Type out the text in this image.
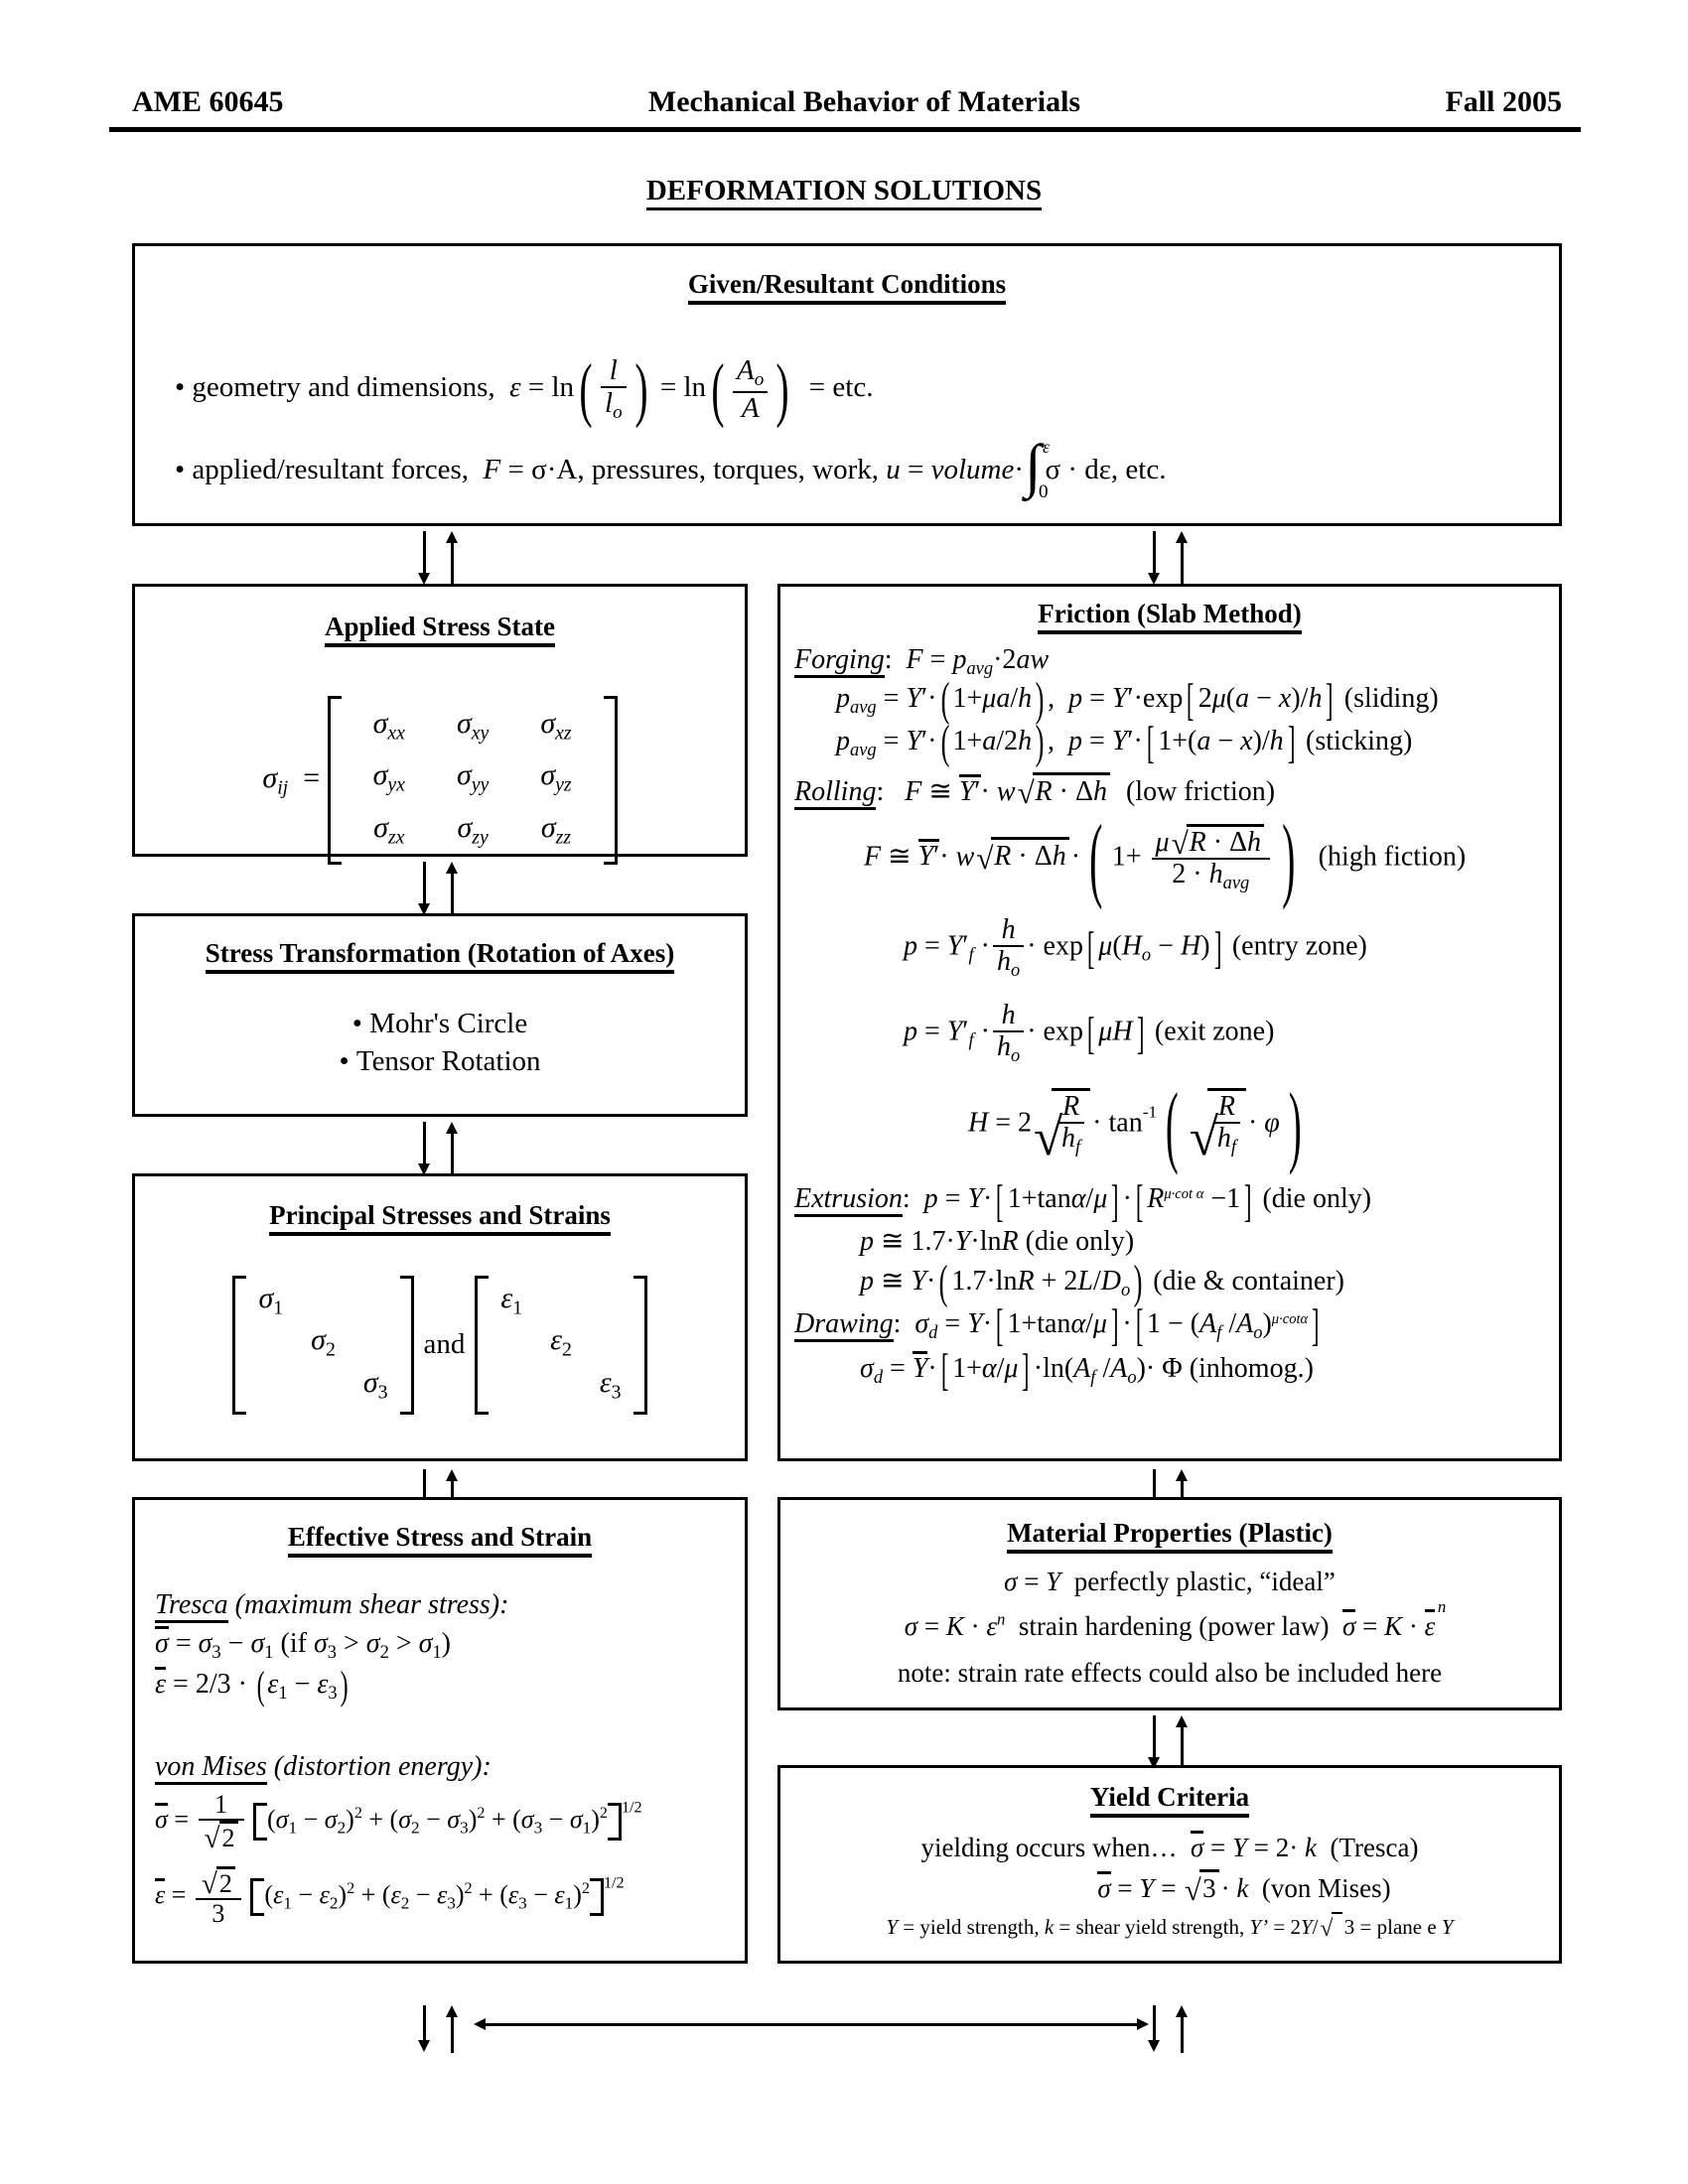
AME 60645	Mechanical Behavior of Materials	Fall 2005
DEFORMATION SOLUTIONS
Given/Resultant Conditions
• geometry and dimensions, $\varepsilon = \ln( \frac{l}{l_o}$ ) = $\ln( \frac{A_o}{A}$ ) = etc.
• applied/resultant forces, F = σ·A, pressures, torques, work, u = volume·∫ ε
0
σ · dε, etc.
Applied Stress State
$\sigma_{ij}$ =
$\sigma_{xx}$	$\sigma_{xy}$	$\sigma_{xz}$
$\sigma_{yx}$	$\sigma_{yy}$	$\sigma_{yz}$
$\sigma_{zx}$	$\sigma_{zy}$	$\sigma_{zz}$
Stress Transformation (Rotation of Axes)
• Mohr's Circle
• Tensor Rotation
Principal Stresses and Strains
$\sigma_1$		
	$\sigma_2$	
		$\sigma_3$
and
$\varepsilon_1$		
	$\varepsilon_2$	
		$\varepsilon_3$
Effective Stress and Strain
Tresca (maximum shear stress):
$\sigma = \sigma_3 - \sigma_1$ (if $\sigma_3 > \sigma_2 > \sigma_1$)
$\varepsilon = 2/3 \cdot (\varepsilon_1 - \varepsilon_3)$
von Mises (distortion energy):
$\sigma = \frac{1}{√ 2} (\sigma_1 - \sigma_2)^2 + (\sigma_2 - \sigma_3)^2 + (\sigma_3 - \sigma_1)^2$ $^{1/2}$
$\varepsilon = \frac{√ 2}{3} (\varepsilon_1 - \varepsilon_2)^2 + (\varepsilon_2 - \varepsilon_3)^2 + (\varepsilon_3 - \varepsilon_1)^2$ $^{1/2}$
Friction (Slab Method)
Forging:  $F = p_{avg}\cdot 2aw$
$p_{avg} = Y'\cdot$( 1+μa/h) ,  p = Y′·exp[ 2μ(a − x)/h] (sliding)
$p_{avg} = Y'\cdot$( 1+a/2h) ,  p = Y′·[ 1+(a − x)/h] (sticking)
Rolling:   F ≅ Y′· w √ R · Δh (low friction)
F ≅ Y′· w √ R · Δh ·( $1+ \frac{\mu √ R \cdot \Delta h}{2 \cdot h_{avg}}$ ) (high fiction)
$p = Y'_f \cdot \frac{h}{h_o} \cdot \exp$[ $\mu(H_o - H)$] (entry zone)
$p = Y'_f \cdot \frac{h}{h_o} \cdot \exp$[ μH] (exit zone)
H = 2 √
$\frac{R}{h_f} \cdot \tan^{-1}$( √
$\frac{R}{h_f} \cdot \varphi$)
Extrusion:  p = Y·[ 1+tanα/μ] ·[ $R^{\mu\cdot cot \alpha} -1$] (die only)
p ≅ 1.7·Y·lnR (die only)
p ≅ Y·( $1.7\cdot\ln R + 2L/D_o$) (die & container)
Drawing:  $\sigma_d = Y\cdot$[ 1+tanα/μ] ·[ $1 - (A_f$ $/A_o)^{\mu\cdot cot\alpha}$]
$\sigma_d = Y\cdot$[ $1+\alpha/\mu] \cdot\ln(A_f$ $/A_o)\cdot \Phi$ (inhomog.)
Material Properties (Plastic)
σ = Y perfectly plastic, “ideal”
$\sigma = K \cdot \varepsilon^n$ strain hardening (power law) σ = K · ε
n
note: strain rate effects could also be included here
Yield Criteria
yielding occurs when… σ = Y = 2· k (Tresca)
σ = Y = √ 3 · k (von Mises)
Y = yield strength, k = shear yield strength, Y’ = 2Y/ √ 3 = plane e Y
